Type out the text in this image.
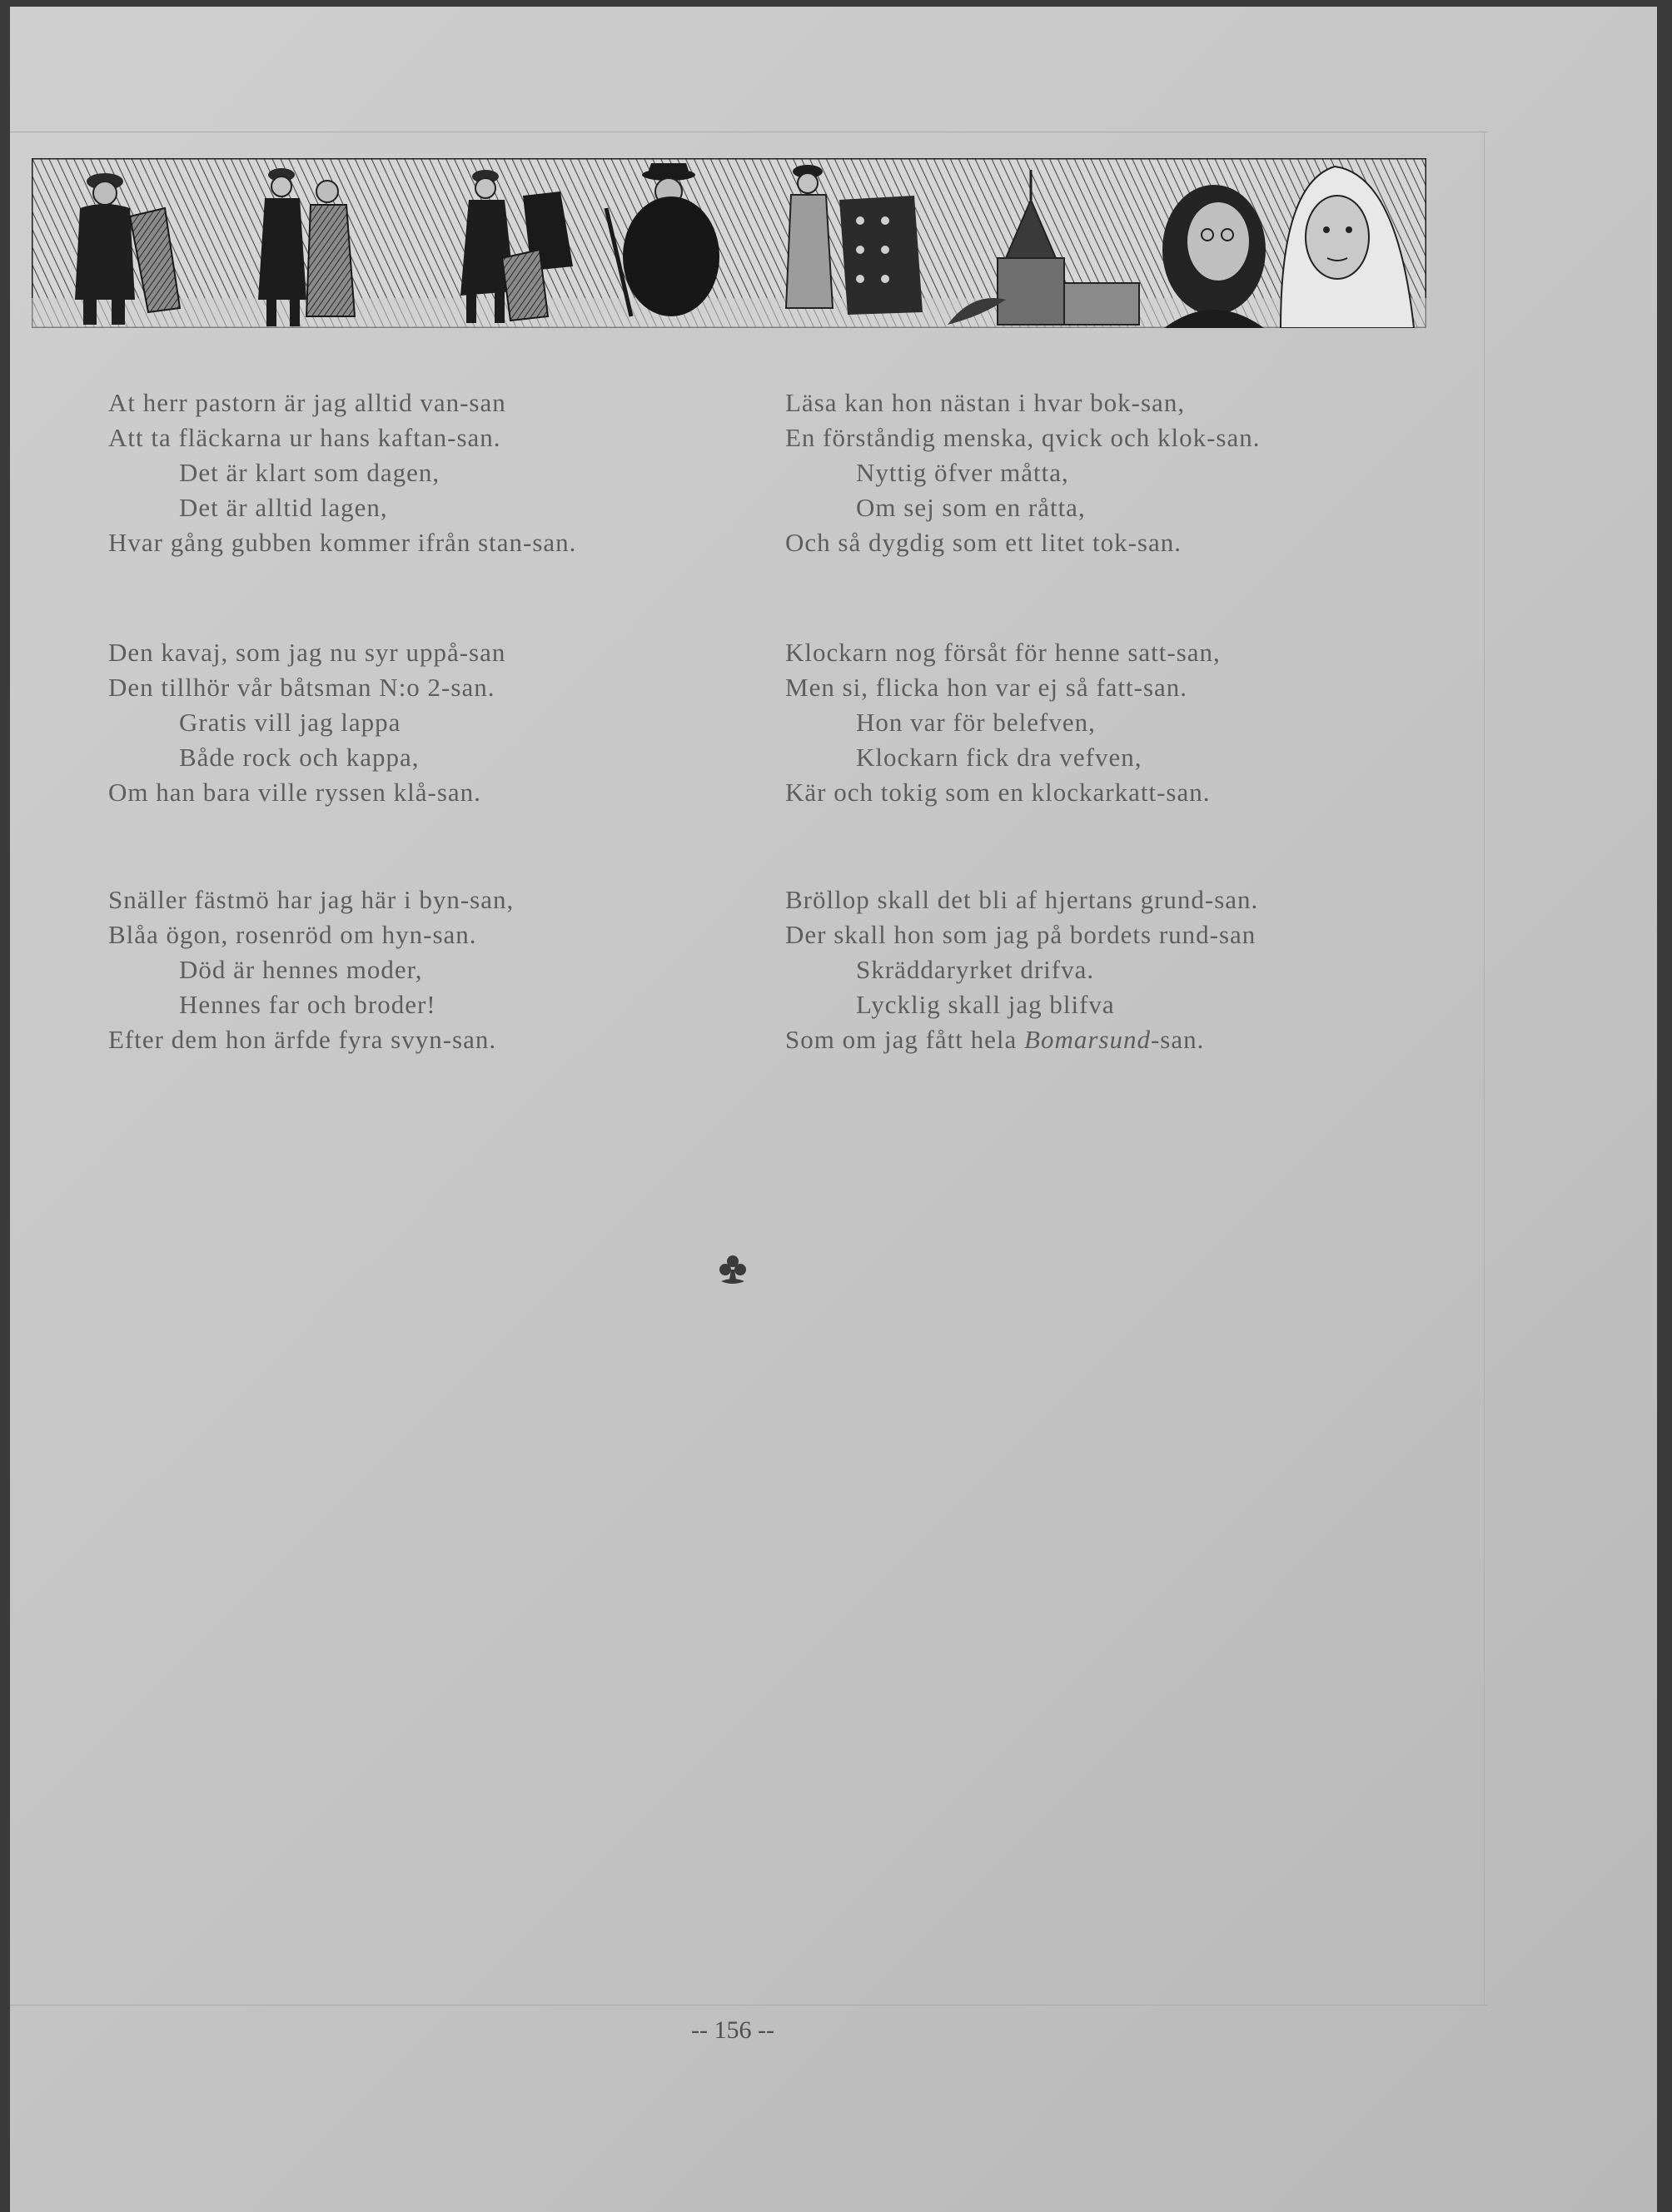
At herr pastorn är jag alltid van-san
Att ta fläckarna ur hans kaftan-san.
Det är klart som dagen,
Det är alltid lagen,
Hvar gång gubben kommer ifrån stan-san.
Läsa kan hon nästan i hvar bok-san,
En förståndig menska, qvick och klok-san.
Nyttig öfver måtta,
Om sej som en råtta,
Och så dygdig som ett litet tok-san.
Den kavaj, som jag nu syr uppå-san
Den tillhör vår båtsman N:o 2-san.
Gratis vill jag lappa
Både rock och kappa,
Om han bara ville ryssen klå-san.
Klockarn nog försåt för henne satt-san,
Men si, flicka hon var ej så fatt-san.
Hon var för belefven,
Klockarn fick dra vefven,
Kär och tokig som en klockarkatt-san.
Snäller fästmö har jag här i byn-san,
Blåa ögon, rosenröd om hyn-san.
Död är hennes moder,
Hennes far och broder!
Efter dem hon ärfde fyra svyn-san.
Bröllop skall det bli af hjertans grund-san.
Der skall hon som jag på bordets rund-san
Skräddaryrket drifva.
Lycklig skall jag blifva
Som om jag fått hela Bomarsund-san.
-- 156 --
